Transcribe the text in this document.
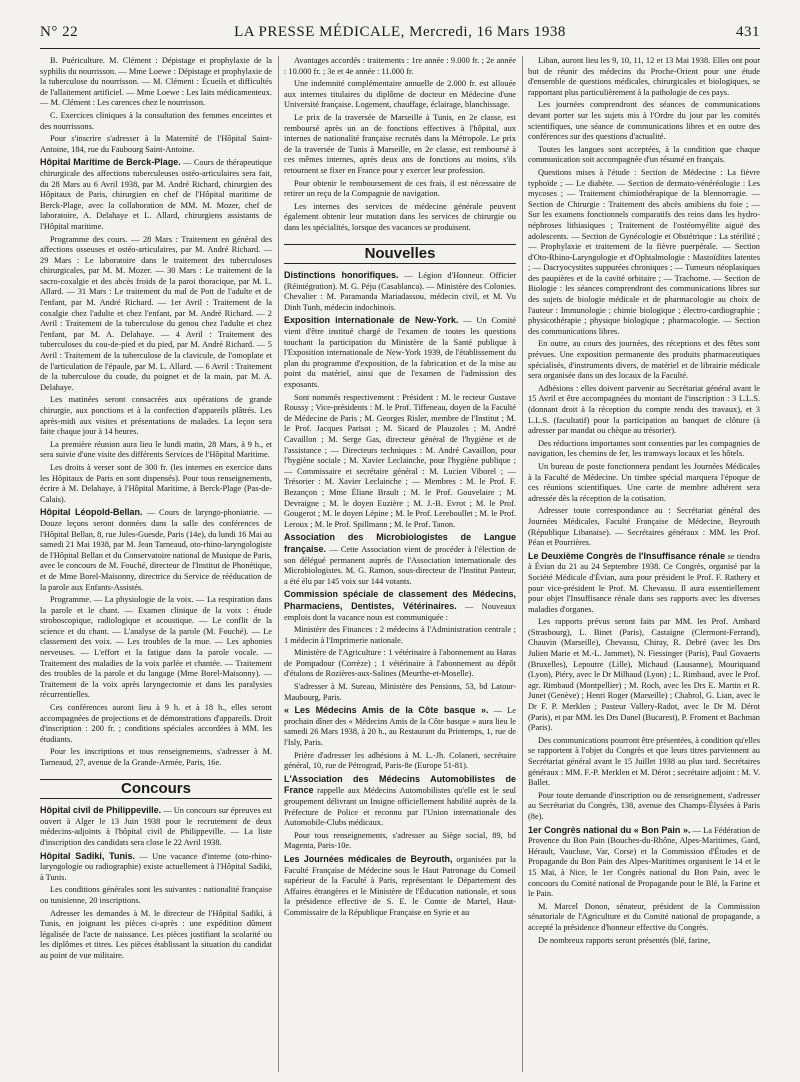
N° 22	LA PRESSE MÉDICALE, Mercredi, 16 Mars 1938	431

B. Puériculture. M. Clément : Dépistage et prophylaxie de la syphilis du nourrisson. — Mme Loewe : Dépistage et prophylaxie de la tuberculose du nourrisson. — M. Clément : Écueils et difficultés de l'allaitement artificiel. — Mme Loewe : Les laits médicamenteux. — M. Clément : Les carences chez le nourrisson.

C. Exercices cliniques à la consultation des femmes enceintes et des nourrissons.

Pour s'inscrire s'adresser à la Maternité de l'Hôpital Saint-Antoine, 184, rue du Faubourg Saint-Antoine.

Hôpital Maritime de Berck-Plage. — Cours de thérapeutique chirurgicale des affections tuberculeuses ostéo-articulaires sera fait, du 28 Mars au 6 Avril 1938, par M. André Richard, chirurgien des Hôpitaux de Paris, chirurgien en chef de l'Hôpital maritime de Berck-Plage, avec la collaboration de MM. M. Mozer, chef de laboratoire, A. Delahaye et L. Allard, chirurgiens assistants de l'Hôpital maritime.

Programme des cours. — 28 Mars : Traitement en général des affections osseuses et ostéo-articulaires, par M. André Richard. — 29 Mars : Le laboratoire dans le traitement des tuberculoses chirurgicales, par M. M. Mozer. — 30 Mars : Le traitement de la sacro-coxalgie et des abcès froids de la paroi thoracique, par M. L. Allard. — 31 Mars : Le traitement du mal de Pott de l'adulte et de l'enfant, par M. André Richard. — 1er Avril : Traitement de la coxalgie chez l'adulte et chez l'enfant, par M. André Richard. — 2 Avril : Traitement de la tuberculose du genou chez l'adulte et chez l'enfant, par M. A. Delahaye. — 4 Avril : Traitement des tuberculoses du cou-de-pied et du pied, par M. André Richard. — 5 Avril : Traitement de la tuberculose de la clavicule, de l'omoplate et de l'articulation de l'épaule, par M. L. Allard. — 6 Avril : Traitement de la tuberculose du coude, du poignet et de la main, par M. A. Delahaye.

Les matinées seront consacrées aux opérations de grande chirurgie, aux ponctions et à la confection d'appareils plâtrés. Les après-midi aux visites et présentations de malades. La leçon sera faite chaque jour à 14 heures.

La première réunion aura lieu le lundi matin, 28 Mars, à 9 h., et sera suivie d'une visite des différents Services de l'Hôpital Maritime.

Les droits à verser sont de 300 fr. (les internes en exercice dans les Hôpitaux de Paris en sont dispensés). Pour tous renseignements, écrire à M. Delahaye, à l'Hôpital Maritime, à Berck-Plage (Pas-de-Calais).

Hôpital Léopold-Bellan. — Cours de laryngo-phoniatrie. — Douze leçons seront données dans la salle des conférences de l'Hôpital Bellan, 8, rue Jules-Guesde, Paris (14e), du lundi 16 Mai au samedi 21 Mai 1938, par M. Jean Tarneaud, oto-rhino-laryngologiste de l'Hôpital Bellan et du Conservatoire national de Musique de Paris, avec le concours de M. Fouché, directeur de l'Institut de Phonétique, et de Mme Borel-Maisonny, directrice du Service de rééducation de la parole aux Enfants-Assistés.

Programme. — La physiologie de la voix. — La respiration dans la parole et le chant. — Examen clinique de la voix : étude stroboscopique, radiologique et acoustique. — Le conflit de la science et du chant. — L'analyse de la parole (M. Fouché). — Le classement des voix. — Les troubles de la mue. — Les aphonies nerveuses. — L'effort et la fatigue dans la parole vocale. — Traitement des maladies de la voix parlée et chantée. — Traitement des troubles de la parole et du langage (Mme Borel-Maisonny). — Traitement de la voix après laryngectomie et dans les paralysies récurrentielles.

Ces conférences auront lieu à 9 h. et à 18 h., elles seront accompagnées de projections et de démonstrations d'appareils. Droit d'inscription : 200 fr. ; conditions spéciales accordées à MM. les étudiants.

Pour les inscriptions et tous renseignements, s'adresser à M. Tarneaud, 27, avenue de la Grande-Armée, Paris, 16e.

Concours

Hôpital civil de Philippeville. — Un concours sur épreuves est ouvert à Alger le 13 Juin 1938 pour le recrutement de deux médecins-adjoints à l'hôpital civil de Philippeville. — La liste d'inscription des candidats sera close le 22 Avril 1938.

Hôpital Sadiki, Tunis. — Une vacance d'interne (oto-rhino-laryngologie ou radiographie) existe actuellement à l'Hôpital Sadiki, à Tunis.

Les conditions générales sont les suivantes : nationalité française ou tunisienne, 20 inscriptions.

Adresser les demandes à M. le directeur de l'Hôpital Sadiki, à Tunis, en joignant les pièces ci-après : une expédition dûment légalisée de l'acte de naissance. Les pièces justifiant la scolarité ou les diplômes et titres. Les pièces établissant la situation du candidat au point de vue militaire.

Avantages accordés : traitements : 1re année : 9.000 fr. ; 2e année : 10.000 fr. ; 3e et 4e année : 11.000 fr.

Une indemnité complémentaire annuelle de 2.000 fr. est allouée aux internes titulaires du diplôme de docteur en Médecine d'une Université française. Logement, chauffage, éclairage, blanchissage.

Le prix de la traversée de Marseille à Tunis, en 2e classe, est remboursé après un an de fonctions effectives à l'hôpital, aux internes de nationalité française recrutés dans la Métropole. Le prix de la traversée de Tunis à Marseille, en 2e classe, est remboursé à ces mêmes internes, après deux ans de fonctions au moins, s'ils retournent se fixer en France pour y exercer leur profession.

Pour obtenir le remboursement de ces frais, il est nécessaire de retirer un reçu de la Compagnie de navigation.

Les internes des services de médecine générale peuvent également obtenir leur mutation dans les services de chirurgie ou dans les spécialités, lorsque des vacances se produisent.

Nouvelles

Distinctions honorifiques. — Légion d'Honneur. Officier (Réintégration). M. G. Péju (Casablanca). — Ministère des Colonies. Chevalier : M. Paramanda Mariadassou, médecin civil, et M. Vu Dinh Tunh, médecin indochinois.

Exposition internationale de New-York. — Un Comité vient d'être institué chargé de l'examen de toutes les questions touchant la participation du Ministère de la Santé publique à l'Exposition internationale de New-York 1939, de l'établissement du plan du programme d'exposition, de la fabrication et de la mise au point du matériel, ainsi que de l'examen de l'admission des exposants.

Sont nommés respectivement : Président : M. le recteur Gustave Roussy ; Vice-présidents : M. le Prof. Tiffeneau, doyen de la Faculté de Médecine de Paris ; M. Georges Risler, membre de l'Institut ; M. le Prof. Jacques Parisot ; M. Sicard de Plauzoles ; M. André Cavaillon ; M. Serge Gas, directeur général de l'hygiène et de l'assistance ; — Directeurs techniques : M. André Cavaillon, pour l'hygiène sociale ; M. Xavier Leclainche, pour l'hygiène publique ; — Commissaire et secrétaire général : M. Lucien Viborel ; — Trésorier : M. Xavier Leclainche ; — Membres : M. le Prof. F. Bezançon ; Mme Éliane Brault ; M. le Prof. Gouvelaire ; M. Devraigne ; M. le doyen Euzière ; M. J.-B. Evrot ; M. le Prof. Gougerot ; M. le doyen Lépine ; M. le Prof. Lereboullet ; M. le Prof. Leroux ; M. le Prof. Spillmann ; M. le Prof. Tanon.

Association des Microbiologistes de Langue française. — Cette Association vient de procéder à l'élection de son délégué permanent auprès de l'Association internationale des Microbiologistes. M. G. Ramon, sous-directeur de l'Institut Pasteur, a été élu par 145 voix sur 144 votants.

Commission spéciale de classement des Médecins, Pharmaciens, Dentistes, Vétérinaires. — Nouveaux emplois dont la vacance nous est communiquée :

Ministère des Finances : 2 médecins à l'Administration centrale ; 1 médecin à l'Imprimerie nationale.

Ministère de l'Agriculture : 1 vétérinaire à l'abonnement au Haras de Pompadour (Corrèze) ; 1 vétérinaire à l'abonnement au dépôt d'étalons de Rozières-aux-Salines (Meurthe-et-Moselle).

S'adresser à M. Sureau, Ministère des Pensions, 53, bd Latour-Maubourg, Paris.

« Les Médecins Amis de la Côte basque ». — Le prochain dîner des « Médecins Amis de la Côte basque » aura lieu le samedi 26 Mars 1938, à 20 h., au Restaurant du Printemps, 1, rue de l'Isly, Paris.

Prière d'adresser les adhésions à M. L.-Jh. Colaneri, secrétaire général, 10, rue de Pétrograd, Paris-8e (Europe 51-81).

L'Association des Médecins Automobilistes de France rappelle aux Médecins Automobilistes qu'elle est le seul groupement délivrant un Insigne officiellement habilité auprès de la Préfecture de Police et reconnu par l'Union internationale des Automobile-Clubs médicaux.

Pour tous renseignements, s'adresser au Siège social, 89, bd Magenta, Paris-10e.

Les Journées médicales de Beyrouth, organisées par la Faculté Française de Médecine sous le Haut Patronage du Conseil supérieur de la Faculté à Paris, représentant le Département des Affaires étrangères et le Ministère de l'Éducation nationale, et sous la présidence effective de S. E. le Comte de Martel, Haut-Commissaire de la République Française en Syrie et au

Liban, auront lieu les 9, 10, 11, 12 et 13 Mai 1938. Elles ont pour but de réunir des médecins du Proche-Orient pour une étude d'ensemble de questions médicales, chirurgicales et biologiques, se rapportant plus particulièrement à la pathologie de ces pays.

Les journées comprendront des séances de communications devant porter sur les sujets mis à l'Ordre du jour par les comités scientifiques, une séance de communications libres et en outre des conférences sur des questions d'actualité.

Toutes les langues sont acceptées, à la condition que chaque communication soit accompagnée d'un résumé en français.

Questions mises à l'étude : Section de Médecine : La fièvre typhoïde ; — Le diabète. — Section de dermato-vénéréologie : Les mycoses ; — Traitement chimiothérapique de la blennorragie. — Section de Chirurgie : Traitement des abcès amibiens du foie ; — Sur les examens fonctionnels comparatifs des reins dans les hydro-néphroses lithiasiques ; Traitement de l'ostéomyélite aiguë des adolescents. — Section de Gynécologie et Obstétrique : La stérilité ; — Prophylaxie et traitement de la fièvre puerpérale. — Section d'Oto-Rhino-Laryngologie et d'Ophtalmologie : Mastoïdites latentes ; — Dacryocystites suppurées chroniques ; — Tumeurs néoplasiques des paupières et de la cavité orbitaire ; — Trachome. — Section de Biologie : les séances comprendront des communications libres sur des sujets de biologie médicale et de pharmacologie au choix de l'auteur : Immunologie ; chimie biologique ; électro-cardiographie ; physicothérapie ; physique biologique ; pharmacologie. — Section des communications libres.

En outre, au cours des journées, des réceptions et des fêtes sont prévues. Une exposition permanente des produits pharmaceutiques spécialisés, d'instruments divers, de matériel et de librairie médicale sera organisée dans un des locaux de la Faculté.

Adhésions : elles doivent parvenir au Secrétariat général avant le 15 Avril et être accompagnées du montant de l'inscription : 3 L.L.S. (donnant droit à la réception du compte rendu des travaux), et 3 L.L.S. (facultatif) pour la participation au banquet de clôture (à adresser par mandat ou chèque au trésorier).

Des réductions importantes sont consenties par les compagnies de navigation, les chemins de fer, les tramways locaux et les hôtels.

Un bureau de poste fonctionnera pendant les Journées Médicales à la Faculté de Médecine. Un timbre spécial marquera l'époque de ces réunions scientifiques. Une carte de membre adhérent sera adressée dès la réception de la cotisation.

Adresser toute correspondance au : Secrétariat général des Journées Médicales, Faculté Française de Médecine, Beyrouth (République Libanaise). — Secrétaires généraux : MM. les Prof. Péan et Pourrières.

Le Deuxième Congrès de l'Insuffisance rénale se tiendra à Évian du 21 au 24 Septembre 1938. Ce Congrès, organisé par la Société Médicale d'Évian, aura pour président le Prof. F. Rathery et pour vice-président le Prof. M. Chevassu. Il aura essentiellement pour objet l'Insuffisance rénale dans ses rapports avec les diverses maladies d'organes.

Les rapports prévus seront faits par MM. les Prof. Ambard (Strasbourg), L. Binet (Paris), Castaigne (Clermont-Ferrand), Chauvin (Marseille), Chevassu, Chiray, R. Debré (avec les Drs Julien Marie et M.-L. Jammet), N. Fiessinger (Paris), Paul Govaerts (Bruxelles), Lepoutre (Lille), Michaud (Lausanne), Mouriquand (Lyon), Piéry, avec le Dr Milhaud (Lyon) ; L. Rimbaud, avec le Prof. agr. Rimbaud (Montpellier) ; M. Roch, avec les Drs E. Martin et R. Junet (Genève) ; Henri Roger (Marseille) ; Chabrol, G. Lian, avec le Dr F. P. Merklen ; Pasteur Vallery-Radot, avec le Dr M. Dérot (Paris), et par MM. les Drs Danel (Bucarest), P. Froment et Bachman (Paris).

Des communications pourront être présentées, à condition qu'elles se rapportent à l'objet du Congrès et que leurs titres parviennent au Secrétariat général avant le 15 Juillet 1938 au plus tard. Secrétaires généraux : MM. F.-P. Merklen et M. Dérot ; secrétaire adjoint : M. V. Ballet.

Pour toute demande d'inscription ou de renseignement, s'adresser au Secrétariat du Congrès, 138, avenue des Champs-Élysées à Paris (8e).

1er Congrès national du « Bon Pain ». — La Fédération de Provence du Bon Pain (Bouches-du-Rhône, Alpes-Maritimes, Gard, Hérault, Vaucluse, Var, Corse) et la Commission d'Études et de Propagande du Bon Pain des Alpes-Maritimes organisent le 14 et le 15 Mai, à Nice, le 1er Congrès national du Bon Pain, avec le concours du Comité national de Propagande pour le Blé, la Farine et le Pain.

M. Marcel Donon, sénateur, président de la Commission sénatoriale de l'Agriculture et du Comité national de propagande, a accepté la présidence d'honneur effective du Congrès.

De nombreux rapports seront présentés (blé, farine,
